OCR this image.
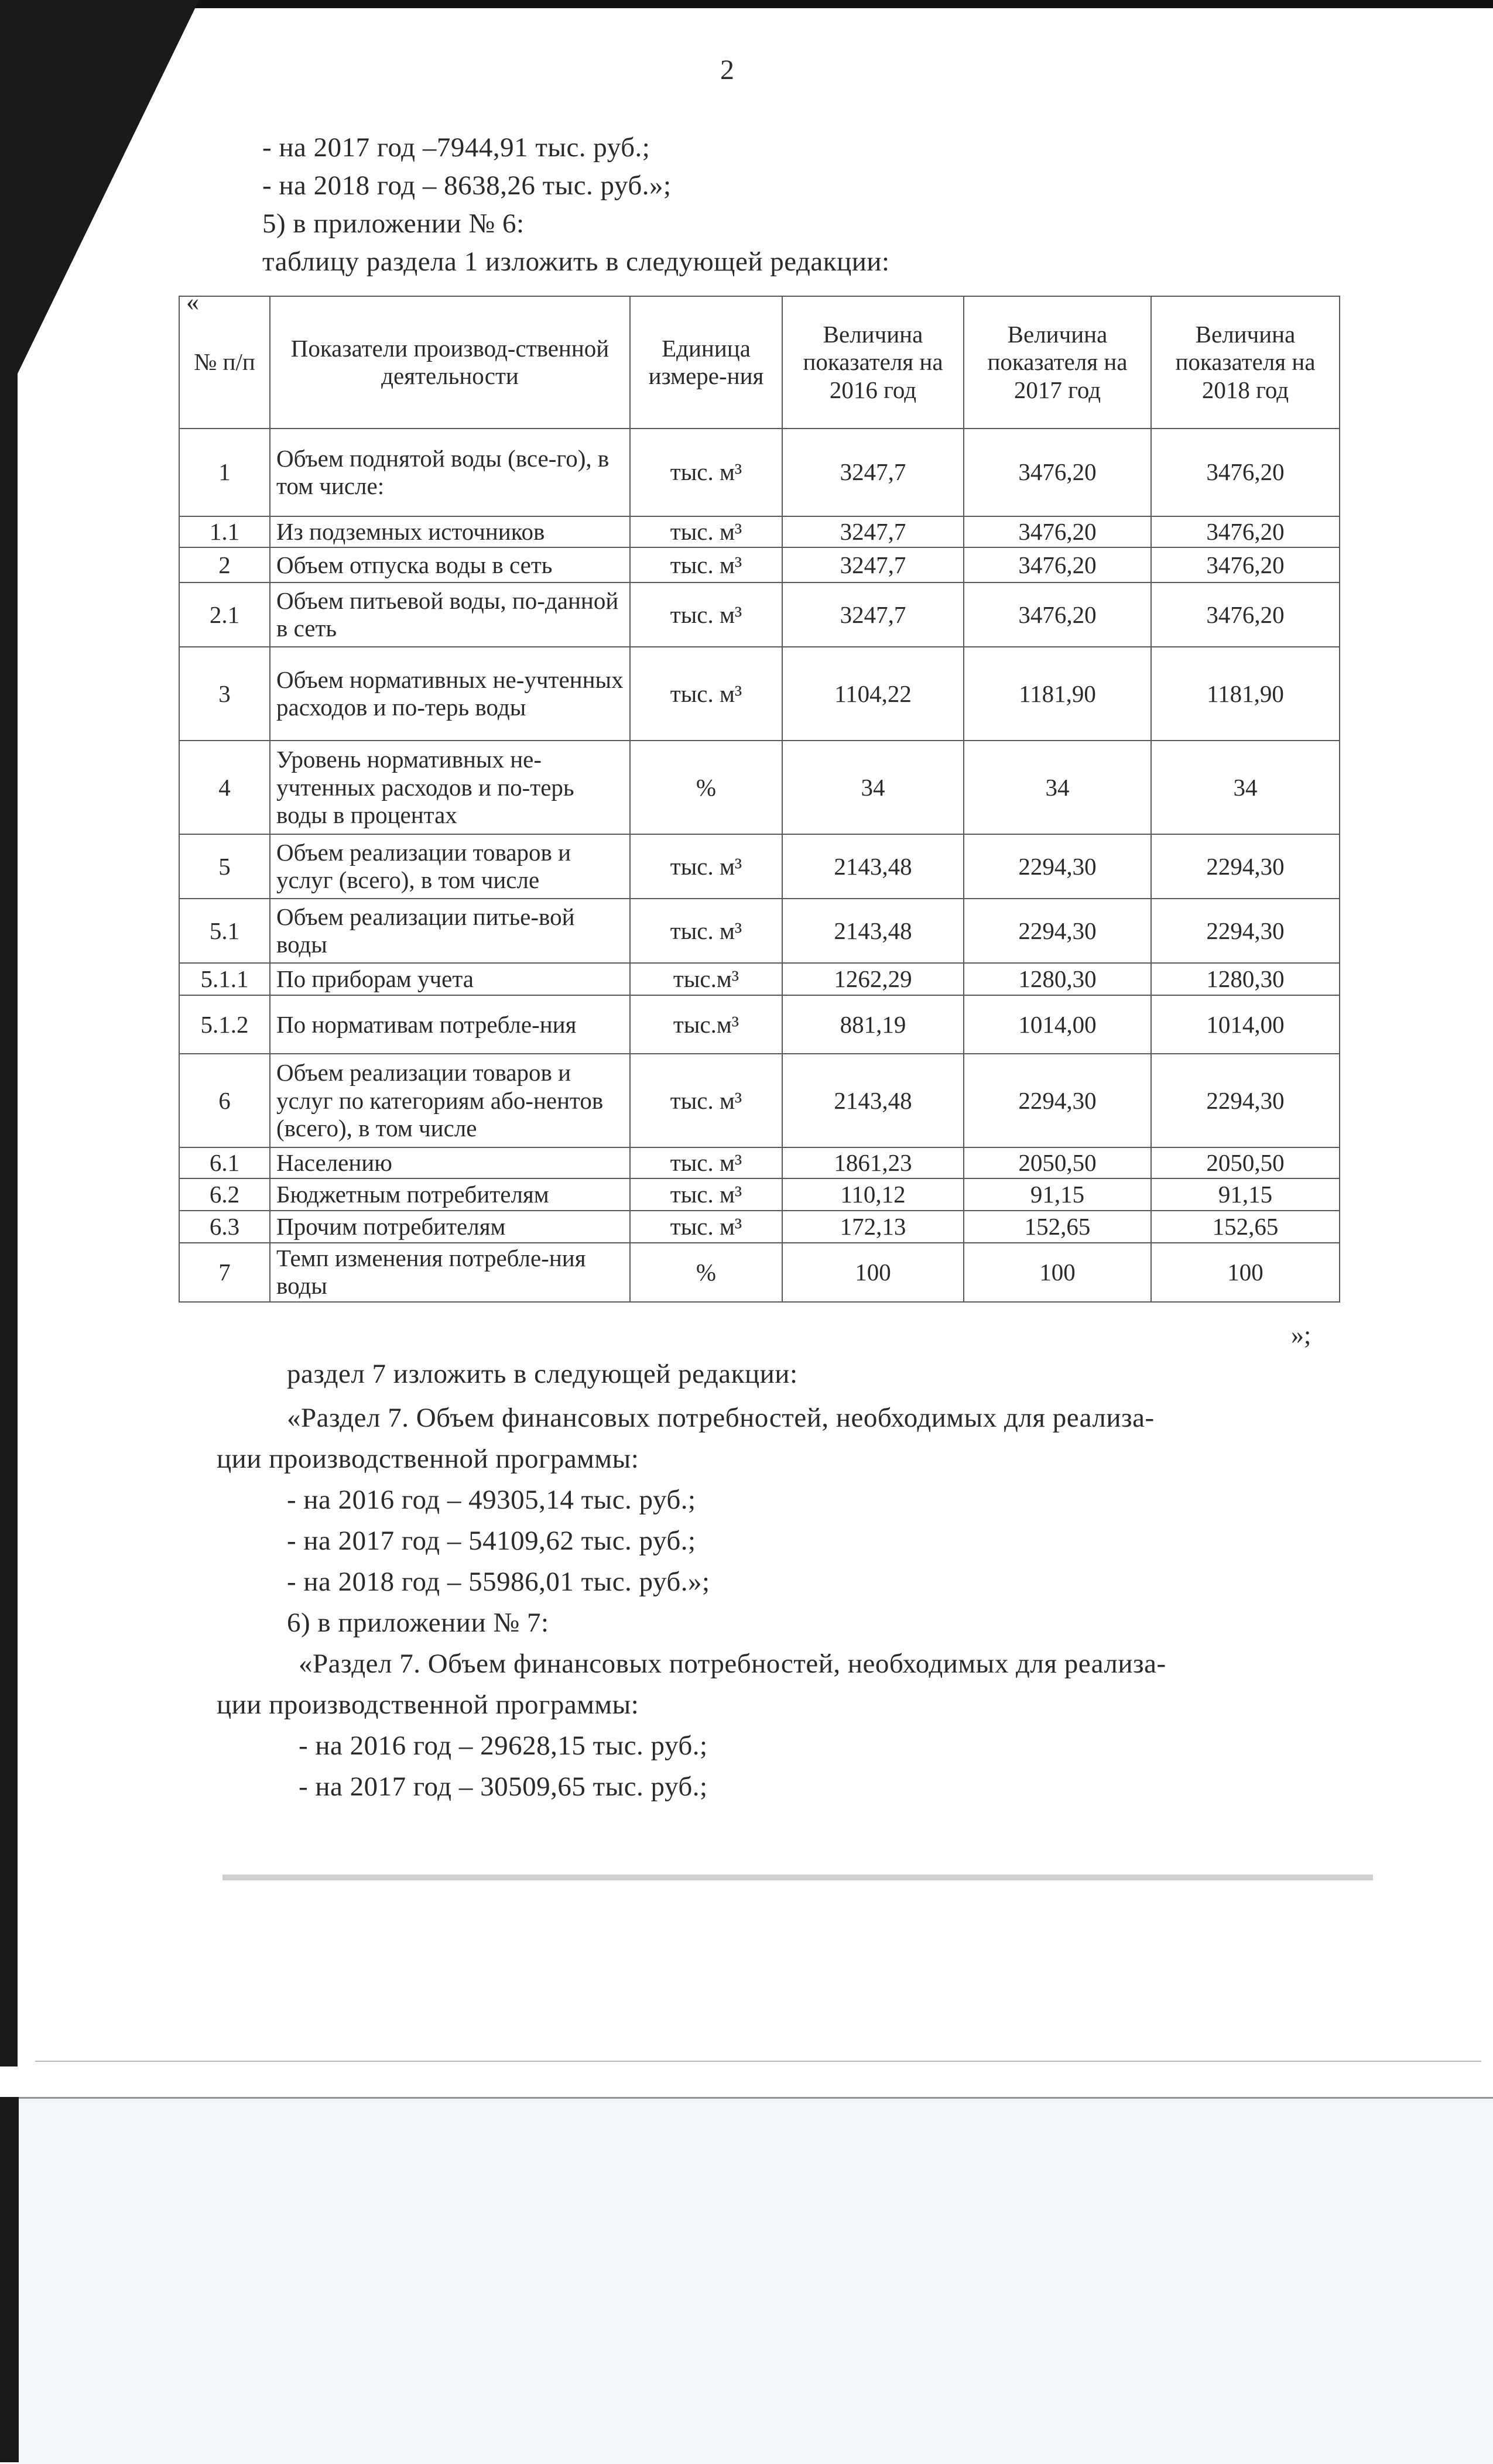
2
- на 2017 год –7944,91 тыс. руб.;
- на 2018 год – 8638,26 тыс. руб.»;
5) в приложении № 6:
таблицу раздела 1 изложить в следующей редакции:
«
№ п/п	Показатели производ-ственной деятельности	Единица измере-ния	Величина показателя на 2016 год	Величина показателя на 2017 год	Величина показателя на 2018 год
1	Объем поднятой воды (все-го), в том числе:	тыс. м³	3247,7	3476,20	3476,20
1.1	Из подземных источников	тыс. м³	3247,7	3476,20	3476,20
2	Объем отпуска воды в сеть	тыс. м³	3247,7	3476,20	3476,20
2.1	Объем питьевой воды, по-данной в сеть	тыс. м³	3247,7	3476,20	3476,20
3	Объем нормативных не-учтенных расходов и по-терь воды	тыс. м³	1104,22	1181,90	1181,90
4	Уровень нормативных не-учтенных расходов и по-терь воды в процентах	%	34	34	34
5	Объем реализации товаров и услуг (всего), в том числе	тыс. м³	2143,48	2294,30	2294,30
5.1	Объем реализации питье-вой воды	тыс. м³	2143,48	2294,30	2294,30
5.1.1	По приборам учета	тыс.м³	1262,29	1280,30	1280,30
5.1.2	По нормативам потребле-ния	тыс.м³	881,19	1014,00	1014,00
6	Объем реализации товаров и услуг по категориям або-нентов (всего), в том числе	тыс. м³	2143,48	2294,30	2294,30
6.1	Населению	тыс. м³	1861,23	2050,50	2050,50
6.2	Бюджетным потребителям	тыс. м³	110,12	91,15	91,15
6.3	Прочим потребителям	тыс. м³	172,13	152,65	152,65
7	Темп изменения потребле-ния воды	%	100	100	100
»;
раздел 7 изложить в следующей редакции:
«Раздел 7. Объем финансовых потребностей, необходимых для реализа-
ции производственной программы:
- на 2016 год – 49305,14 тыс. руб.;
- на 2017 год – 54109,62 тыс. руб.;
- на 2018 год – 55986,01 тыс. руб.»;
6) в приложении № 7:
«Раздел 7. Объем финансовых потребностей, необходимых для реализа-
ции производственной программы:
- на 2016 год – 29628,15 тыс. руб.;
- на 2017 год – 30509,65 тыс. руб.;
